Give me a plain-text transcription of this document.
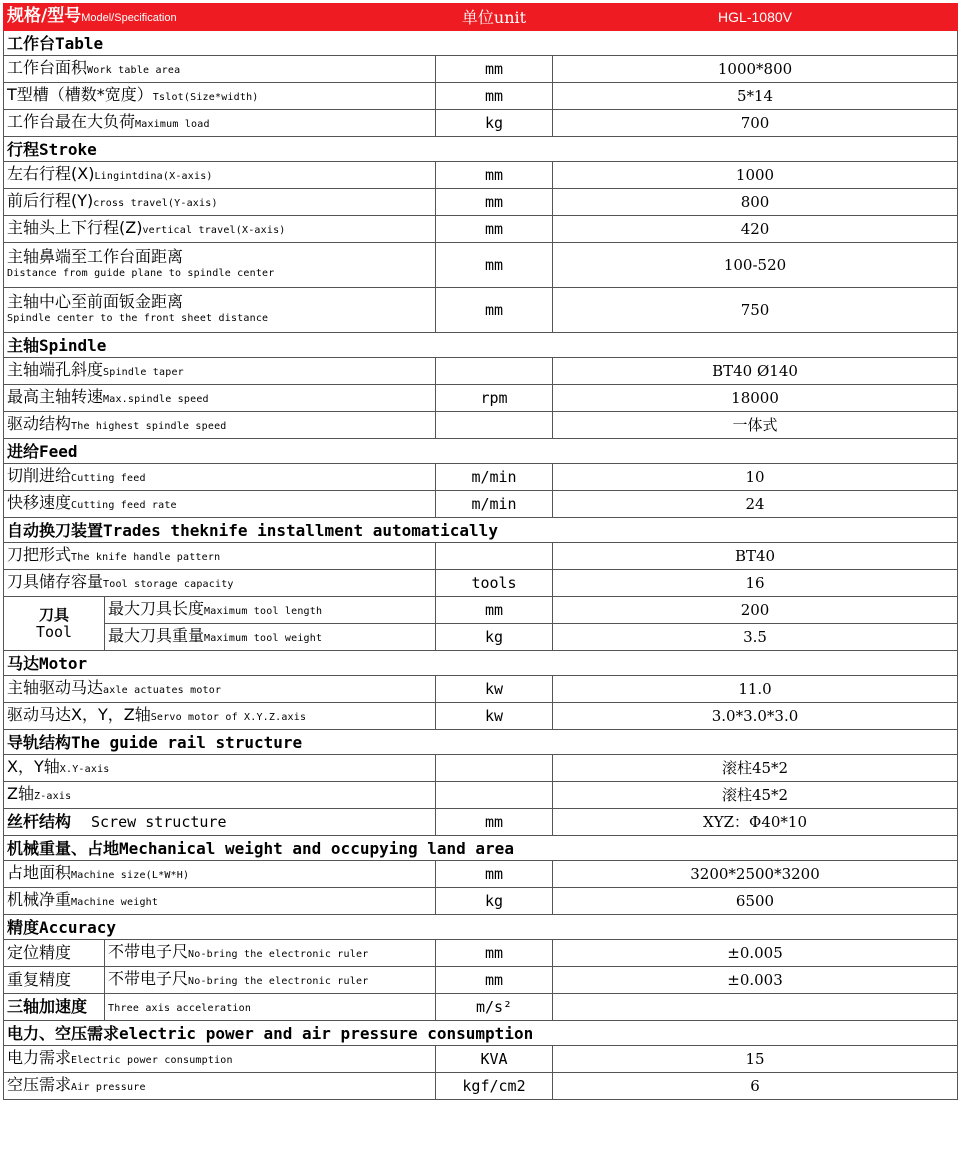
规格/型号Model/Specification		单位unit	HGL-1080V
工作台Table			
工作台面积Work table area		mm	1000*800
T型槽（槽数*宽度）Tslot(Size*width)		mm	5*14
工作台最在大负荷Maximum load		kg	700
行程Stroke			
左右行程(X)Lingintdina(X-axis)		mm	1000
前后行程(Y)cross travel(Y-axis)		mm	800
主轴头上下行程(Z)vertical travel(X-axis)		mm	420

主轴鼻端至工作台面距离
Distance from guide plane to spindle center		mm	100-520

主轴中心至前面钣金距离
Spindle center to the front sheet distance		mm	750
主轴Spindle			
主轴端孔斜度Spindle taper			BT40 Ø140
最高主轴转速Max.spindle speed		rpm	18000
驱动结构The highest spindle speed			一体式
进给Feed			
切削进给Cutting feed		m/min	10
快移速度Cutting feed rate		m/min	24
自动换刀装置Trades theknife installment automatically			
刀把形式The knife handle pattern			BT40
刀具储存容量Tool storage capacity		tools	16

刀具
Tool	最大刀具长度Maximum tool length	mm	200
	最大刀具重量Maximum tool weight	kg	3.5
马达Motor			
主轴驱动马达axle actuates motor		kw	11.0
驱动马达X，Y，Z轴Servo motor of X.Y.Z.axis		kw	3.0*3.0*3.0
导轨结构The guide rail structure			
X，Y轴X.Y-axis			滚柱45*2
Z轴Z-axis			滚柱45*2
丝杆结构 Screw structure		mm	XYZ：Φ40*10
机械重量、占地Mechanical weight and occupying land area			
占地面积Machine size(L*W*H)		mm	3200*2500*3200
机械净重Machine weight		kg	6500
精度Accuracy			
定位精度	不带电子尺No-bring the electronic ruler	mm	±0.005
重复精度	不带电子尺No-bring the electronic ruler	mm	±0.003
三轴加速度	Three axis acceleration	m/s²	
电力、空压需求electric power and air pressure consumption			
电力需求Electric power consumption		KVA	15
空压需求Air pressure		kgf/cm2	6
